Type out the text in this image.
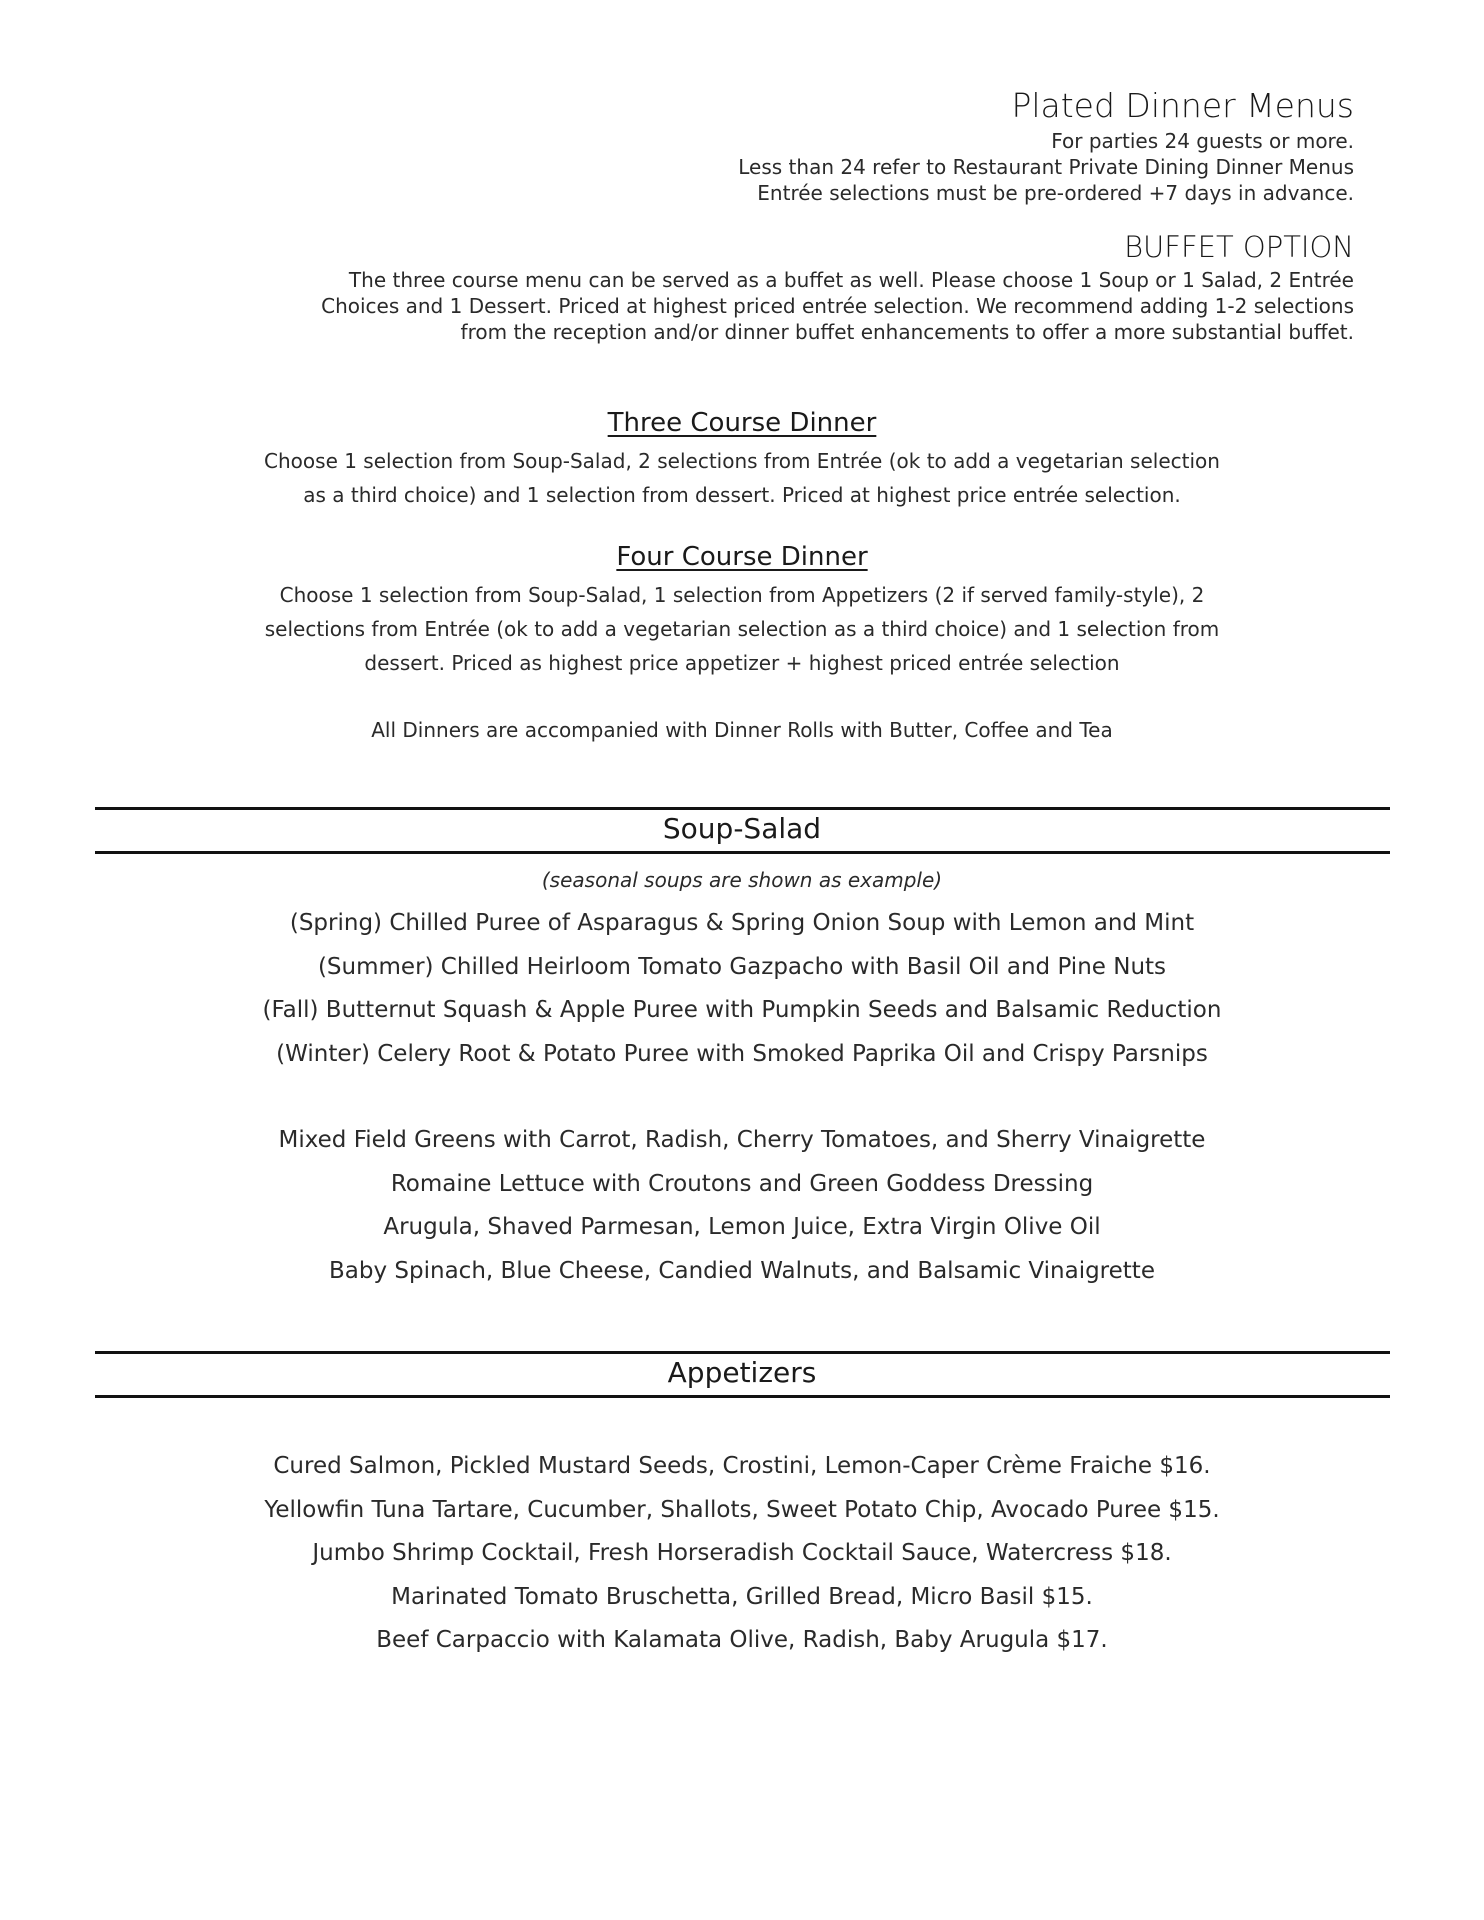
Plated Dinner Menus
For parties 24 guests or more.
Less than 24 refer to Restaurant Private Dining Dinner Menus
Entrée selections must be pre-ordered +7 days in advance.
BUFFET OPTION
The three course menu can be served as a buffet as well. Please choose 1 Soup or 1 Salad, 2 Entrée
Choices and 1 Dessert. Priced at highest priced entrée selection. We recommend adding 1-2 selections
from the reception and/or dinner buffet enhancements to offer a more substantial buffet.
Three Course Dinner
Choose 1 selection from Soup-Salad, 2 selections from Entrée (ok to add a vegetarian selection
as a third choice) and 1 selection from dessert. Priced at highest price entrée selection.
Four Course Dinner
Choose 1 selection from Soup-Salad, 1 selection from Appetizers (2 if served family-style), 2
selections from Entrée (ok to add a vegetarian selection as a third choice) and 1 selection from
dessert. Priced as highest price appetizer + highest priced entrée selection
All Dinners are accompanied with Dinner Rolls with Butter, Coffee and Tea
Soup-Salad
(seasonal soups are shown as example)
(Spring) Chilled Puree of Asparagus & Spring Onion Soup with Lemon and Mint
(Summer) Chilled Heirloom Tomato Gazpacho with Basil Oil and Pine Nuts
(Fall) Butternut Squash & Apple Puree with Pumpkin Seeds and Balsamic Reduction
(Winter) Celery Root & Potato Puree with Smoked Paprika Oil and Crispy Parsnips
Mixed Field Greens with Carrot, Radish, Cherry Tomatoes, and Sherry Vinaigrette
Romaine Lettuce with Croutons and Green Goddess Dressing
Arugula, Shaved Parmesan, Lemon Juice, Extra Virgin Olive Oil
Baby Spinach, Blue Cheese, Candied Walnuts, and Balsamic Vinaigrette
Appetizers
Cured Salmon, Pickled Mustard Seeds, Crostini, Lemon-Caper Crème Fraiche $16.
Yellowfin Tuna Tartare, Cucumber, Shallots, Sweet Potato Chip, Avocado Puree $15.
Jumbo Shrimp Cocktail, Fresh Horseradish Cocktail Sauce, Watercress $18.
Marinated Tomato Bruschetta, Grilled Bread, Micro Basil $15.
Beef Carpaccio with Kalamata Olive, Radish, Baby Arugula $17.
